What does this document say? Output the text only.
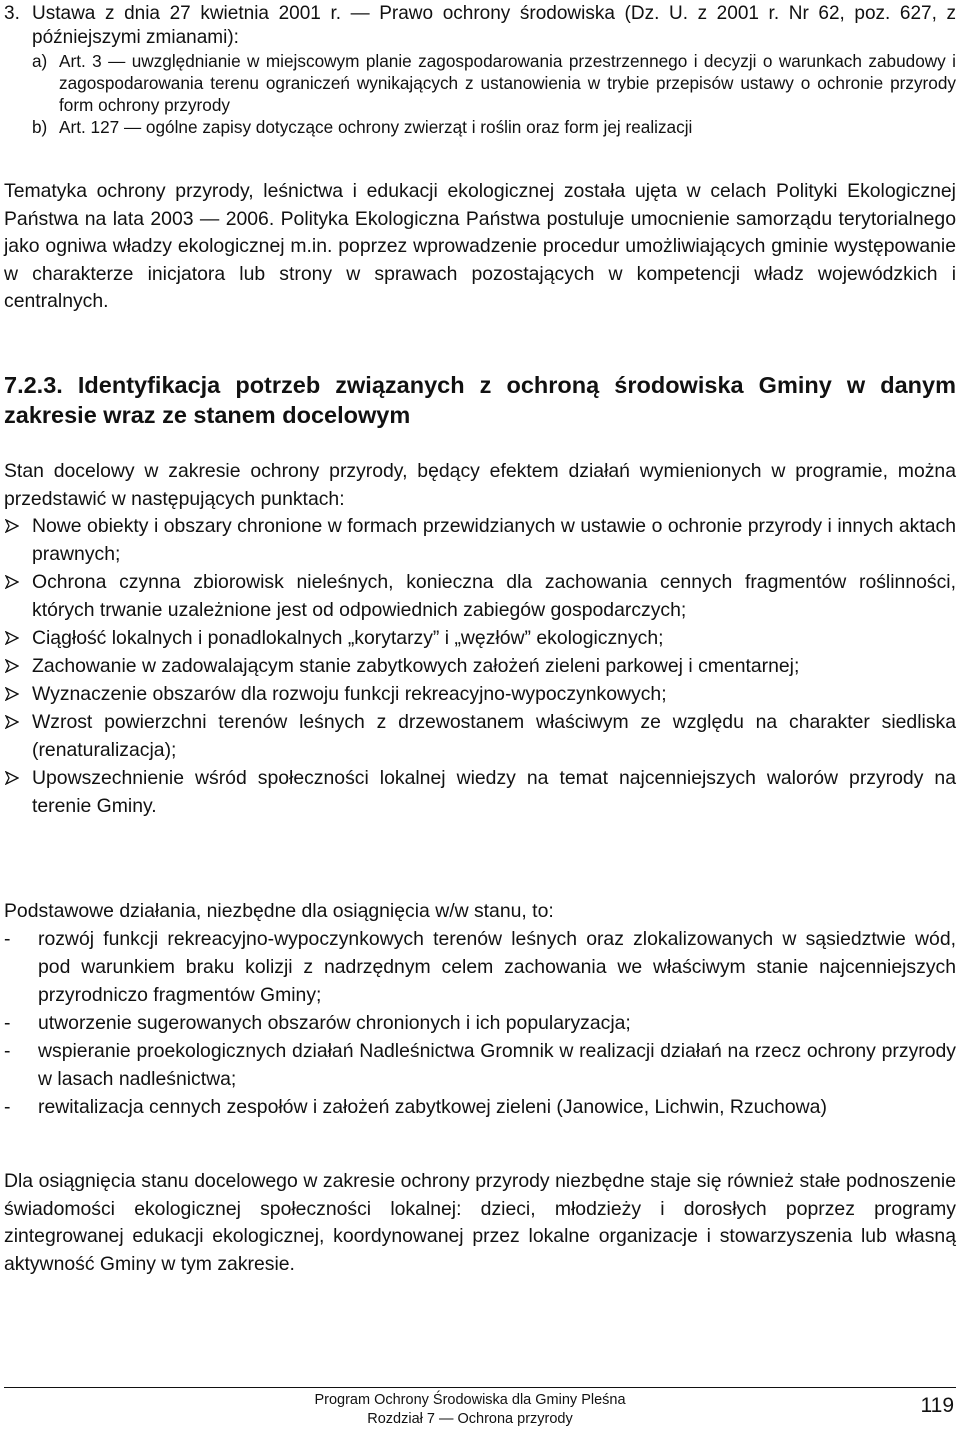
3. Ustawa z dnia 27 kwietnia 2001 r. — Prawo ochrony środowiska (Dz. U. z 2001 r. Nr 62, poz. 627, z późniejszymi zmianami):
a) Art. 3 — uwzględnianie w miejscowym planie zagospodarowania przestrzennego i decyzji o warunkach zabudowy i zagospodarowania terenu ograniczeń wynikających z ustanowienia w trybie przepisów ustawy o ochronie przyrody form ochrony przyrody
b) Art. 127 — ogólne zapisy dotyczące ochrony zwierząt i roślin oraz form jej realizacji

Tematyka ochrony przyrody, leśnictwa i edukacji ekologicznej została ujęta w celach Polityki Ekologicznej Państwa na lata 2003 — 2006. Polityka Ekologiczna Państwa postuluje umocnienie samorządu terytorialnego jako ogniwa władzy ekologicznej m.in. poprzez wprowadzenie procedur umożliwiających gminie występowanie w charakterze inicjatora lub strony w sprawach pozostających w kompetencji władz wojewódzkich i centralnych.

7.2.3. Identyfikacja potrzeb związanych z ochroną środowiska Gminy w danym zakresie wraz ze stanem docelowym

Stan docelowy w zakresie ochrony przyrody, będący efektem działań wymienionych w programie, można przedstawić w następujących punktach:

Nowe obiekty i obszary chronione w formach przewidzianych w ustawie o ochronie przyrody i innych aktach prawnych;
Ochrona czynna zbiorowisk nieleśnych, konieczna dla zachowania cennych fragmentów roślinności, których trwanie uzależnione jest od odpowiednich zabiegów gospodarczych;
Ciągłość lokalnych i ponadlokalnych „korytarzy” i „węzłów” ekologicznych;
Zachowanie w zadowalającym stanie zabytkowych założeń zieleni parkowej i cmentarnej;
Wyznaczenie obszarów dla rozwoju funkcji rekreacyjno-wypoczynkowych;
Wzrost powierzchni terenów leśnych z drzewostanem właściwym ze względu na charakter siedliska (renaturalizacja);
Upowszechnienie wśród społeczności lokalnej wiedzy na temat najcenniejszych walorów przyrody na terenie Gminy.

Podstawowe działania, niezbędne dla osiągnięcia w/w stanu, to:

-	rozwój funkcji rekreacyjno-wypoczynkowych terenów leśnych oraz zlokalizowanych w sąsiedztwie wód, pod warunkiem braku kolizji z nadrzędnym celem zachowania we właściwym stanie najcenniejszych przyrodniczo fragmentów Gminy;
-	utworzenie sugerowanych obszarów chronionych i ich popularyzacja;
-	wspieranie proekologicznych działań Nadleśnictwa Gromnik w realizacji działań na rzecz ochrony przyrody w lasach nadleśnictwa;
-	rewitalizacja cennych zespołów i założeń zabytkowej zieleni (Janowice, Lichwin, Rzuchowa)

Dla osiągnięcia stanu docelowego w zakresie ochrony przyrody niezbędne staje się również stałe podnoszenie świadomości ekologicznej społeczności lokalnej: dzieci, młodzieży i dorosłych poprzez programy zintegrowanej edukacji ekologicznej, koordynowanej przez lokalne organizacje i stowarzyszenia lub własną aktywność Gminy w tym zakresie.

Program Ochrony Środowiska dla Gminy Pleśna
Rozdział 7 — Ochrona przyrody
119
